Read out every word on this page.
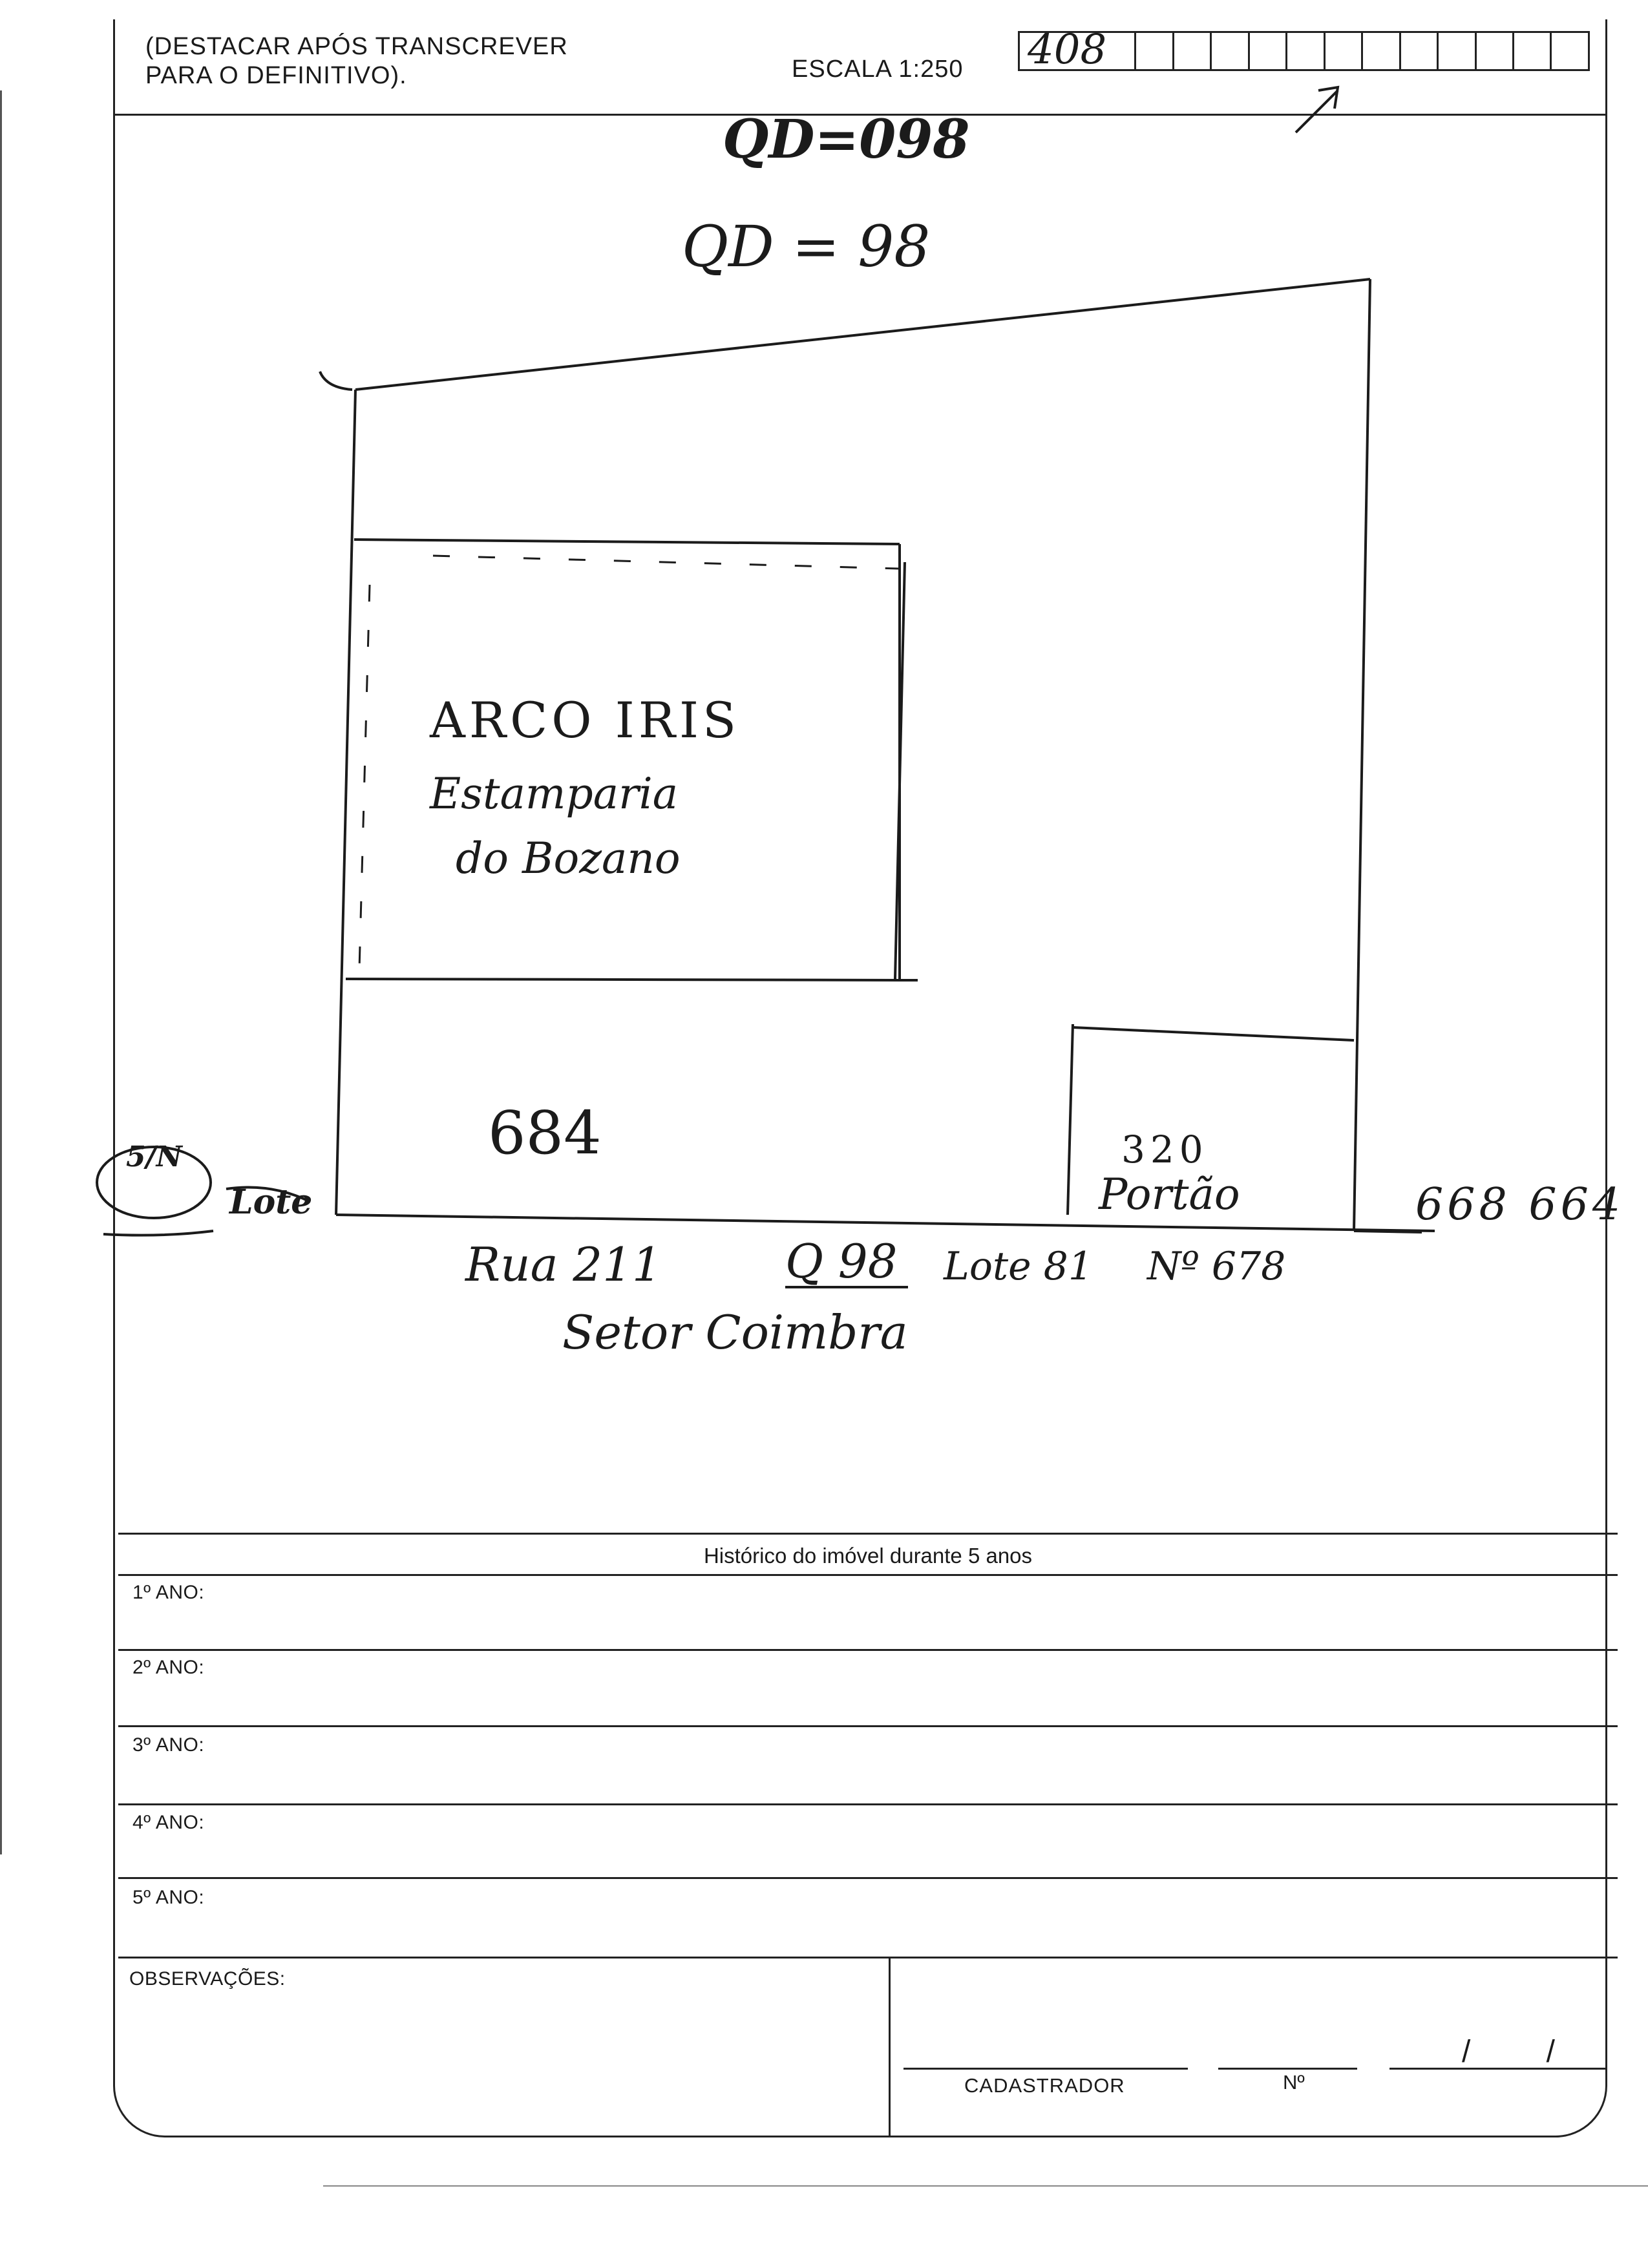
(DESTACAR APÓS TRANSCREVER
PARA O DEFINITIVO).	ESCALA 1:250 408
QD=098
QD = 98
ARCO IRIS
Estamparia
do Bozano
684
5/N
Lote
320
Portão	668 664
Rua 211	Q 98 Lote 81 Nº 678
Setor Coimbra
Histórico do imóvel durante 5 anos
1º ANO:
2º ANO:
3º ANO:
4º ANO:
5º ANO:
OBSERVAÇÕES:
/ /
CADASTRADOR	Nº
